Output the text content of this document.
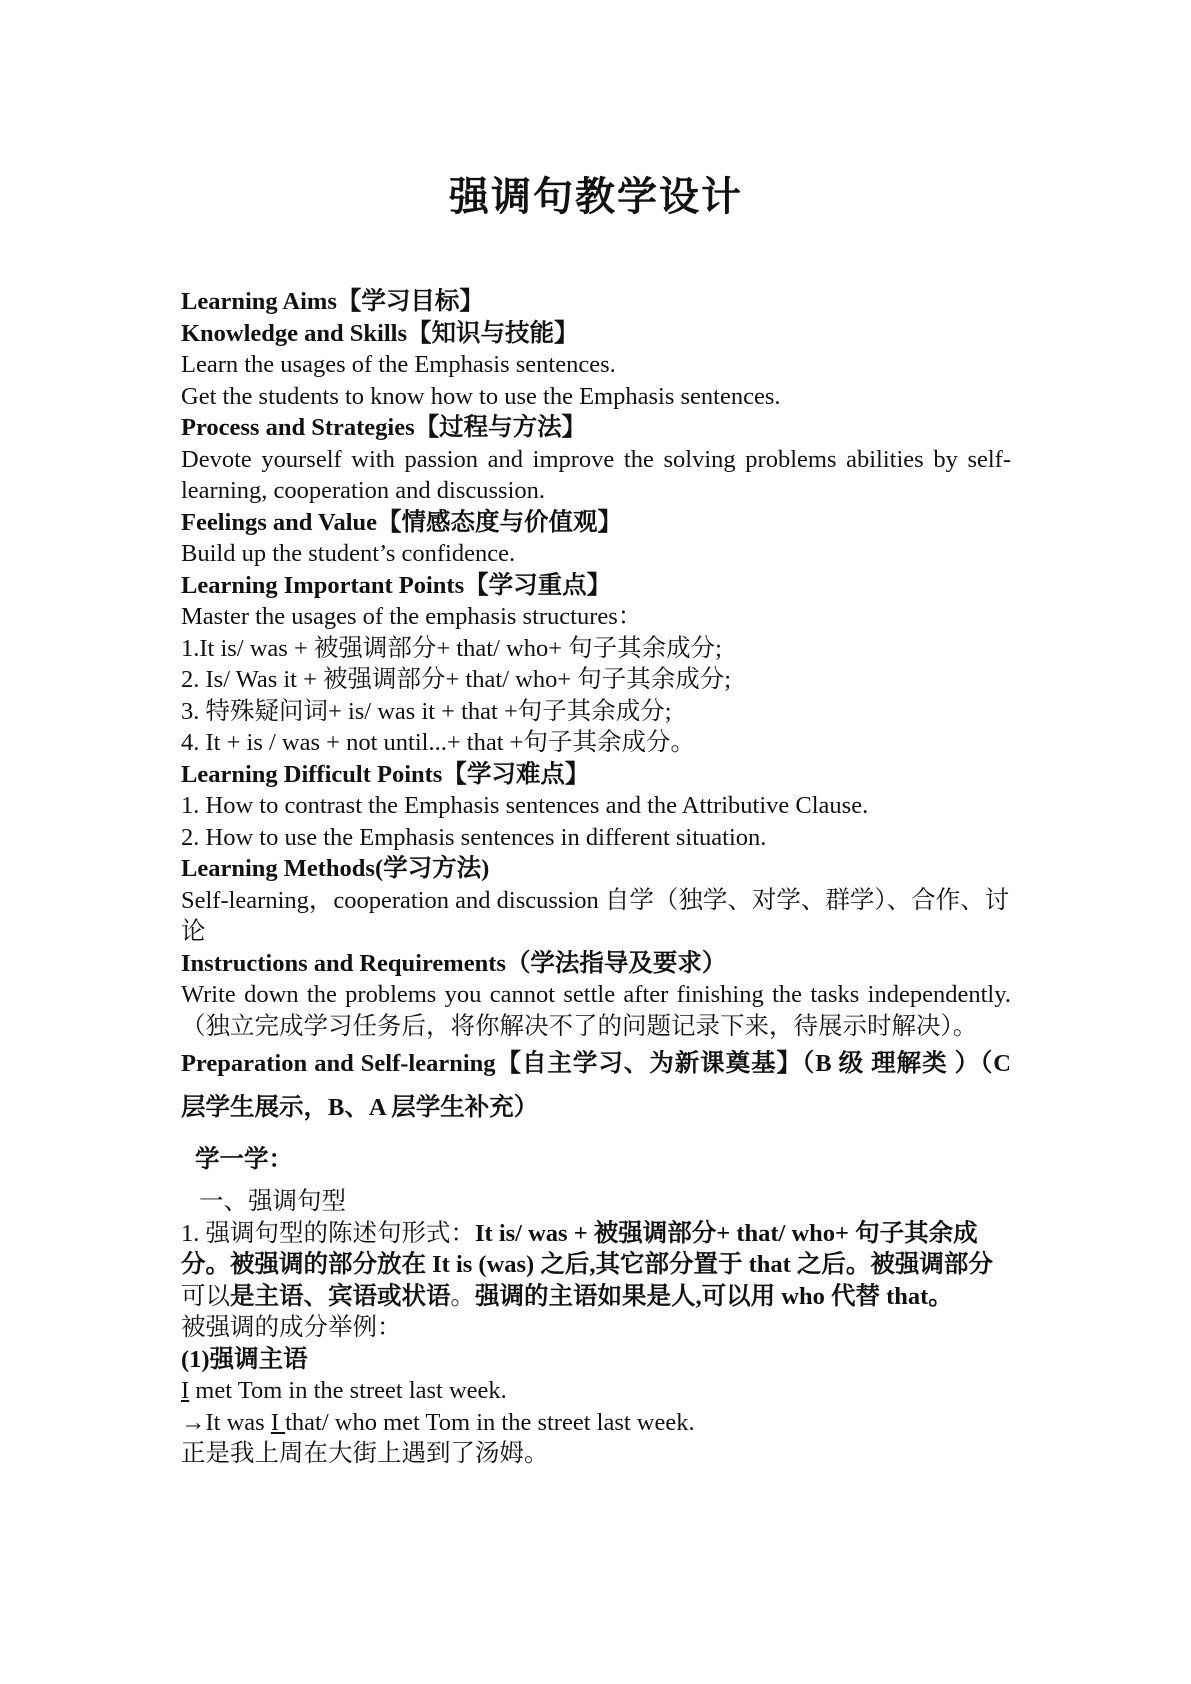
强调句教学设计

Learning Aims【学习目标】

Knowledge and Skills【知识与技能】

Learn the usages of the Emphasis sentences.

Get the students to know how to use the Emphasis sentences.

Process and Strategies【过程与方法】

Devote yourself with passion and improve the solving problems abilities by self-learning, cooperation and discussion.

Feelings and Value【情感态度与价值观】

Build up the student’s confidence.

Learning Important Points【学习重点】

Master the usages of the emphasis structures：

1.It is/ was + 被强调部分+ that/ who+ 句子其余成分;

2. Is/ Was it + 被强调部分+ that/ who+ 句子其余成分;

3. 特殊疑问词+ is/ was it + that +句子其余成分;

4. It + is / was + not until...+ that +句子其余成分。

Learning Difficult Points【学习难点】

1. How to contrast the Emphasis sentences and the Attributive Clause.

2. How to use the Emphasis sentences in different situation.

Learning Methods(学习方法)

Self-learning，cooperation and discussion 自学（独学、对学、群学）、合作、讨论

Instructions and Requirements（学法指导及要求）

Write down the problems you cannot settle after finishing the tasks independently.（独立完成学习任务后，将你解决不了的问题记录下来，待展示时解决）。

Preparation and Self-learning【自主学习、为新课奠基】（B 级 理解类 ）（C 层学生展示，B、A 层学生补充）

学一学：

一、强调句型

1. 强调句型的陈述句形式：It is/ was + 被强调部分+ that/ who+ 句子其余成分。被强调的部分放在 It is (was) 之后,其它部分置于 that 之后。被强调部分可以是主语、宾语或状语。强调的主语如果是人,可以用 who 代替 that。

被强调的成分举例：

(1)强调主语

I met Tom in the street last week.

→It was I that/ who met Tom in the street last week.

正是我上周在大街上遇到了汤姆。
